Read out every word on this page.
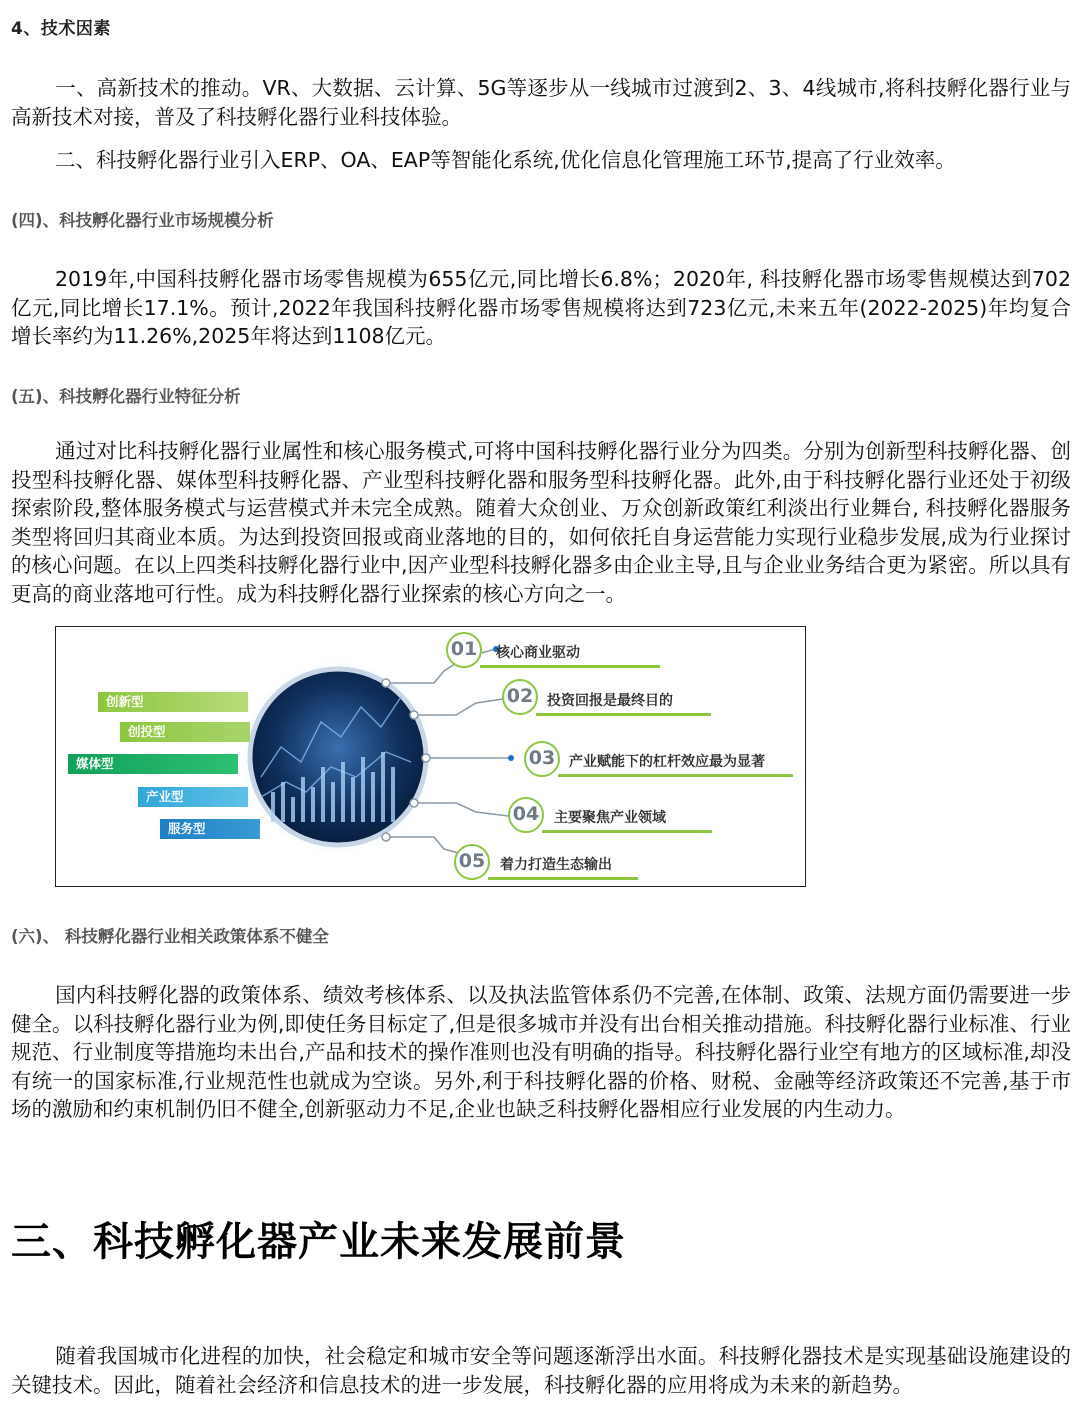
4、技术因素

一、高新技术的推动。VR、大数据、云计算、5G等逐步从一线城市过渡到2、3、4线城市,将科技孵化器行业与高新技术对接，普及了科技孵化器行业科技体验。

二、科技孵化器行业引入ERP、OA、EAP等智能化系统,优化信息化管理施工环节,提高了行业效率。

(四)、科技孵化器行业市场规模分析

2019年,中国科技孵化器市场零售规模为655亿元,同比增长6.8%；2020年, 科技孵化器市场零售规模达到702亿元,同比增长17.1%。预计,2022年我国科技孵化器市场零售规模将达到723亿元,未来五年(2022-2025)年均复合增长率约为11.26%,2025年将达到1108亿元。

(五)、科技孵化器行业特征分析

通过对比科技孵化器行业属性和核心服务模式,可将中国科技孵化器行业分为四类。分别为创新型科技孵化器、创投型科技孵化器、媒体型科技孵化器、产业型科技孵化器和服务型科技孵化器。此外,由于科技孵化器行业还处于初级探索阶段,整体服务模式与运营模式并未完全成熟。随着大众创业、万众创新政策红利淡出行业舞台, 科技孵化器服务类型将回归其商业本质。为达到投资回报或商业落地的目的，如何依托自身运营能力实现行业稳步发展,成为行业探讨的核心问题。在以上四类科技孵化器行业中,因产业型科技孵化器多由企业主导,且与企业业务结合更为紧密。所以具有更高的商业落地可行性。成为科技孵化器行业探索的核心方向之一。

创新型
创投型
媒体型
产业型
服务型
01	核心商业驱动
02 投资回报是最终目的
03 产业赋能下的杠杆效应最为显著
04	主要聚焦产业领域
05	着力打造生态输出
(六)、 科技孵化器行业相关政策体系不健全

国内科技孵化器的政策体系、绩效考核体系、以及执法监管体系仍不完善,在体制、政策、法规方面仍需要进一步健全。以科技孵化器行业为例,即使任务目标定了,但是很多城市并没有出台相关推动措施。科技孵化器行业标准、行业规范、行业制度等措施均未出台,产品和技术的操作准则也没有明确的指导。科技孵化器行业空有地方的区域标准,却没有统一的国家标准,行业规范性也就成为空谈。另外,利于科技孵化器的价格、财税、金融等经济政策还不完善,基于市场的激励和约束机制仍旧不健全,创新驱动力不足,企业也缺乏科技孵化器相应行业发展的内生动力。

三、科技孵化器产业未来发展前景

随着我国城市化进程的加快，社会稳定和城市安全等问题逐渐浮出水面。科技孵化器技术是实现基础设施建设的关键技术。因此，随着社会经济和信息技术的进一步发展，科技孵化器的应用将成为未来的新趋势。
